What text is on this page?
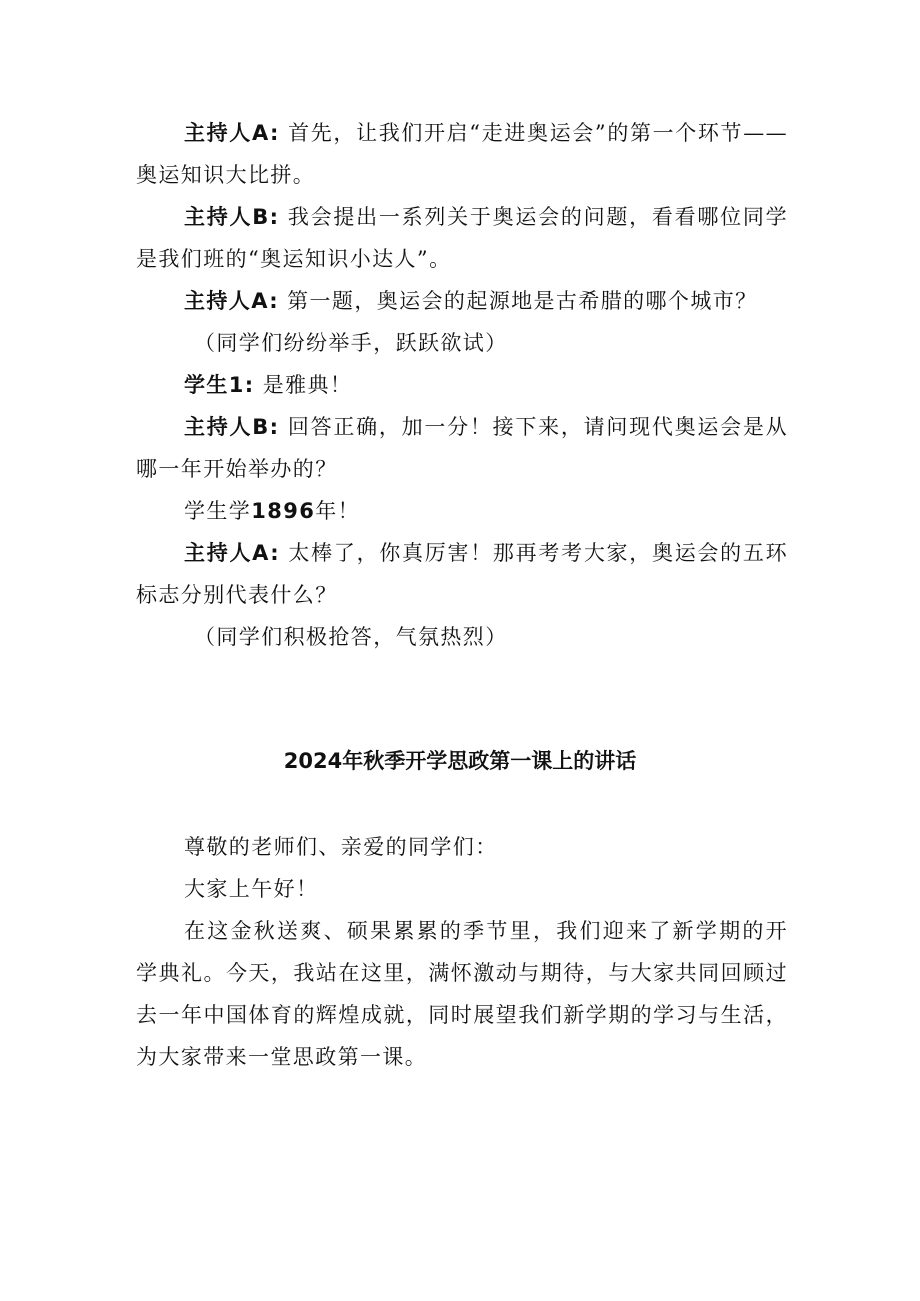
主持人A: 首先，让我们开启“走进奥运会”的第一个环节——奥运知识大比拼。

主持人B: 我会提出一系列关于奥运会的问题，看看哪位同学是我们班的“奥运知识小达人”。

主持人A: 第一题，奥运会的起源地是古希腊的哪个城市？

（同学们纷纷举手，跃跃欲试）

学生1: 是雅典！

主持人B: 回答正确，加一分！接下来，请问现代奥运会是从哪一年开始举办的？

学生学1896年！

主持人A: 太棒了，你真厉害！那再考考大家，奥运会的五环标志分别代表什么？

（同学们积极抢答，气氛热烈）

2024年秋季开学思政第一课上的讲话

尊敬的老师们、亲爱的同学们：

大家上午好！

在这金秋送爽、硕果累累的季节里，我们迎来了新学期的开学典礼。今天，我站在这里，满怀激动与期待，与大家共同回顾过去一年中国体育的辉煌成就，同时展望我们新学期的学习与生活，为大家带来一堂思政第一课。
